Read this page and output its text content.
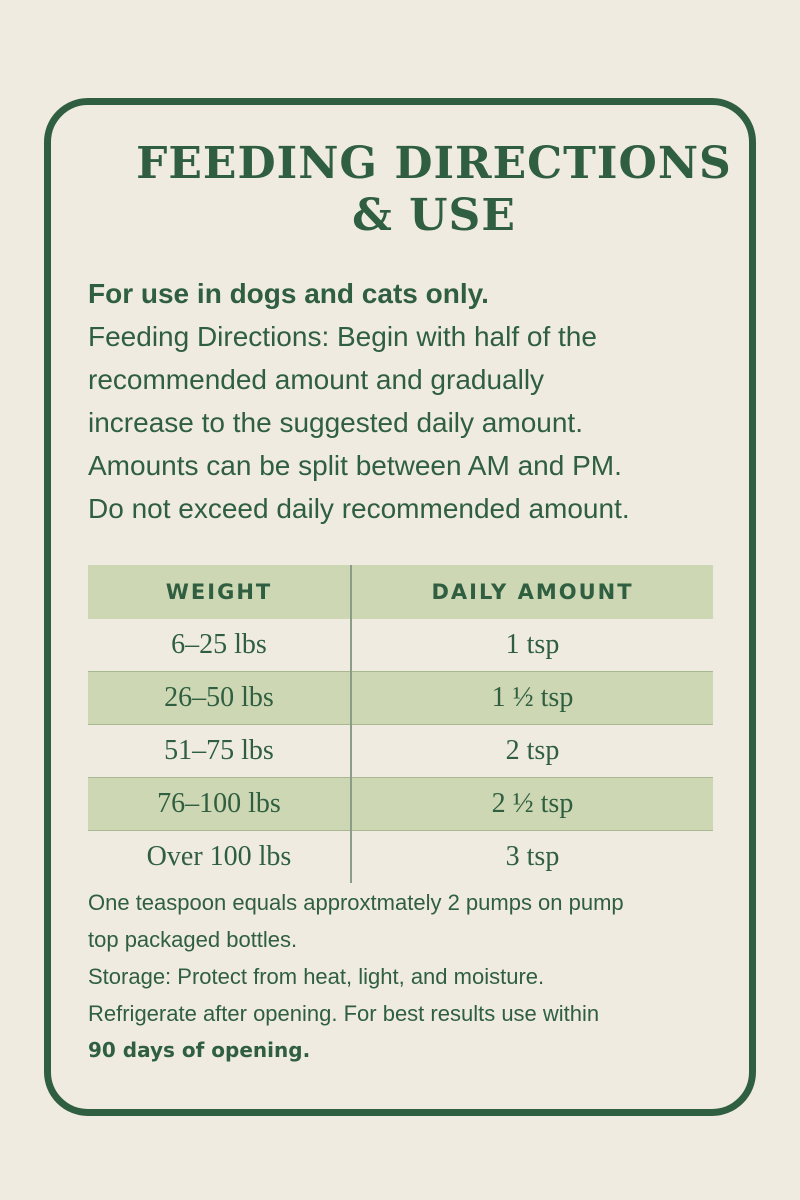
FEEDING DIRECTIONS
& USE
For use in dogs and cats only.
Feeding Directions: Begin with half of the
recommended amount and gradually
increase to the suggested daily amount.
Amounts can be split between AM and PM.
Do not exceed daily recommended amount.
WEIGHT	DAILY AMOUNT
6–25 lbs	1 tsp
26–50 lbs	1 ½ tsp
51–75 lbs	2 tsp
76–100 lbs	2 ½ tsp
Over 100 lbs	3 tsp
One teaspoon equals approxtmately 2 pumps on pump
top packaged bottles.
Storage: Protect from heat, light, and moisture.
Refrigerate after opening. For best results use within
90 days of opening.
